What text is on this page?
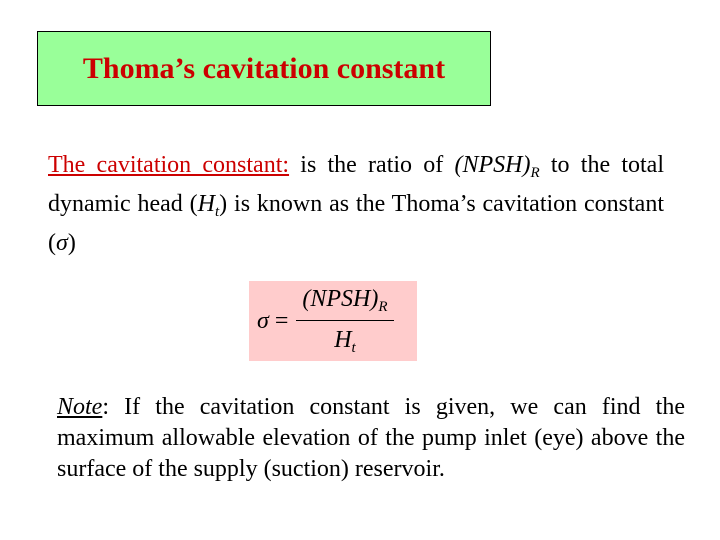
Thoma’s cavitation constant
The cavitation constant: is the ratio of $(NPSH)_R$ to the total dynamic head $(H_t)$ is known as the Thoma’s cavitation constant (σ)
$\sigma = \frac{(NPSH)_R}{H_t}$
Note: If the cavitation constant is given, we can find the maximum allowable elevation of the pump inlet (eye) above the surface of the supply (suction) reservoir.
